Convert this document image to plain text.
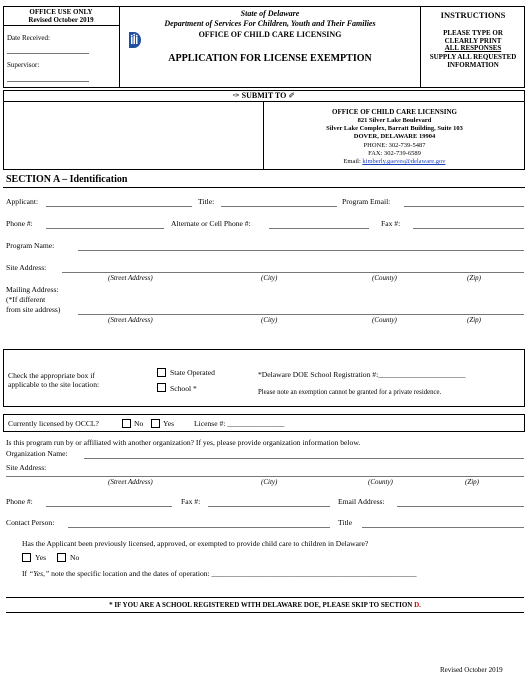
OFFICE USE ONLY
Revised October 2019
Date Received:
Supervisor:
State of Delaware
Department of Services For Children, Youth and Their Families
OFFICE OF CHILD CARE LICENSING
APPLICATION FOR LICENSE EXEMPTION
INSTRUCTIONS
PLEASE TYPE OR
CLEARLY PRINT
ALL RESPONSES
SUPPLY ALL REQUESTED
INFORMATION
✑ SUBMIT TO ✐
OFFICE OF CHILD CARE LICENSING
821 Silver Lake Boulevard
Silver Lake Complex, Barratt Building, Suite 103
DOVER, DELAWARE 19904
PHONE: 302-739-5487
FAX: 302-739-6589
Email: kimberly.gaeves@delaware.gov
SECTION A – Identification
Applicant:	Title:	Program Email:
Phone #:	Alternate or Cell Phone #:	Fax #:
Program Name:
Site Address:
(Street Address)	(City)	(County)	(Zip)
Mailing Address:
(*If different
from site address)
(Street Address)	(City)	(County)	(Zip)
Check the appropriate box if
applicable to the site location:
State Operated
School *
*Delaware DOE School Registration #:_______________________
Please note an exemption cannot be granted for a private residence.
Currently licensed by OCCL?	No	Yes	License #: _______________
Is this program run by or affiliated with another organization? If yes, please provide organization information below.
Organization Name:
Site Address:
(Street Address)	(City)	(County)	(Zip)
Phone #:	Fax #:	Email Address:
Contact Person:	Title
Has the Applicant been previously licensed, approved, or exempted to provide child care to children in Delaware?
Yes	No
If “Yes,” note the specific location and the dates of operation: ______________________________________________________
* IF YOU ARE A SCHOOL REGISTERED WITH DELAWARE DOE, PLEASE SKIP TO SECTION D.
Revised October 2019
